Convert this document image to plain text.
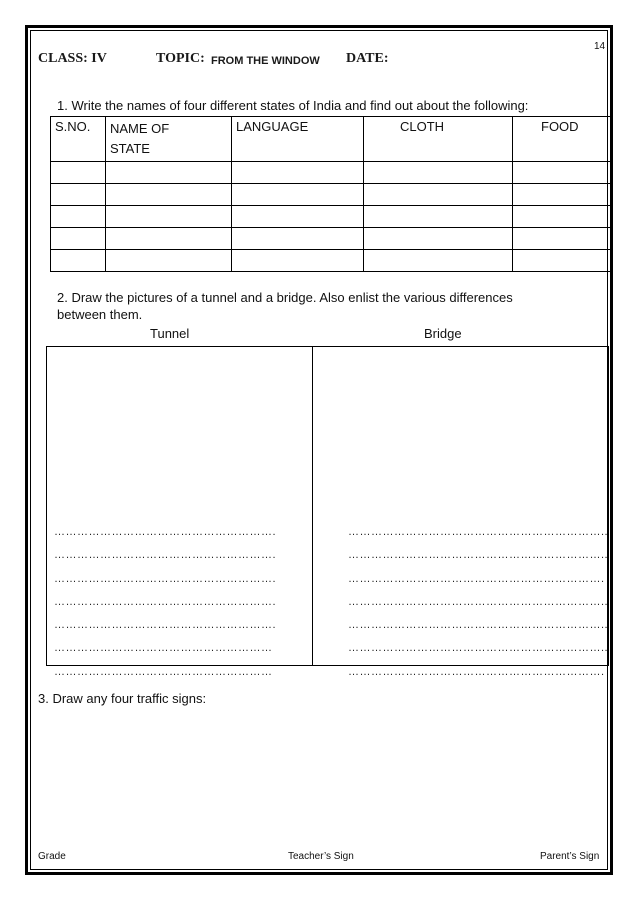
14
CLASS: IV	TOPIC: FROM THE WINDOW DATE:
1. Write the names of four different states of India and find out about the following:
S.NO.	NAME OF STATE	LANGUAGE	CLOTH	FOOD

2. Draw the pictures of a tunnel and a bridge. Also enlist the various differences
between them.
Tunnel	Bridge
………………………………………………….
………………………………………………….
………………………………………………….
………………………………………………….
………………………………………………….
…………………………………………………
…………………………………………………
…………………………………………………………..
…………………………………………………………..
………………………………………………………….
…………………………………………………………..
…………………………………………………………..
…………………………………………………………..
………………………………………………………….
3. Draw any four traffic signs:
Grade	Teacher’s Sign	Parent’s Sign
